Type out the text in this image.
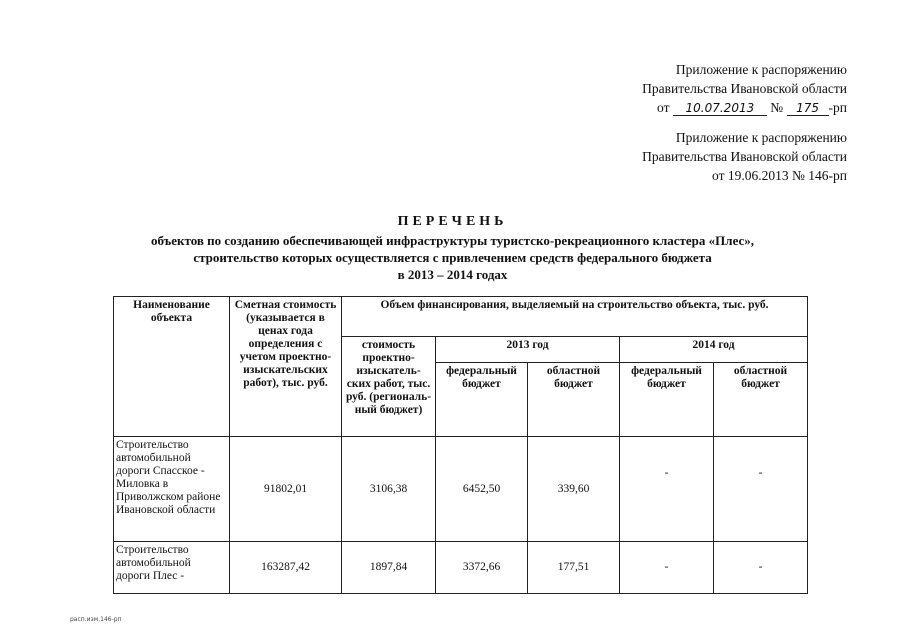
Приложение к распоряжению
Правительства Ивановской области
от 10.07.2013 № 175 -рп
Приложение к распоряжению
Правительства Ивановской области
от 19.06.2013 № 146-рп
ПЕРЕЧЕНЬ
объектов по созданию обеспечивающей инфраструктуры туристско-рекреационного кластера «Плес»,
строительство которых осуществляется с привлечением средств федерального бюджета
в 2013 – 2014 годах
Наименование объекта	Сметная стоимость (указывается в ценах года определения с учетом проектно-изыскательских работ), тыс. руб.	Объем финансирования, выделяемый на строительство объекта, тыс. руб.				
		стоимость проектно-изыскатель-ских работ, тыс. руб. (региональ-ный бюджет)	2013 год		2014 год	
			федеральный бюджет	областной бюджет	федеральный бюджет	областной бюджет
Строительство автомобильной дороги Спасское - Миловка в Приволжском районе Ивановской области	91802,01	3106,38	6452,50	339,60	-	-
Строительство автомобильной дороги Плес -	163287,42	1897,84	3372,66	177,51	-	-
расп.изм.146-рп
